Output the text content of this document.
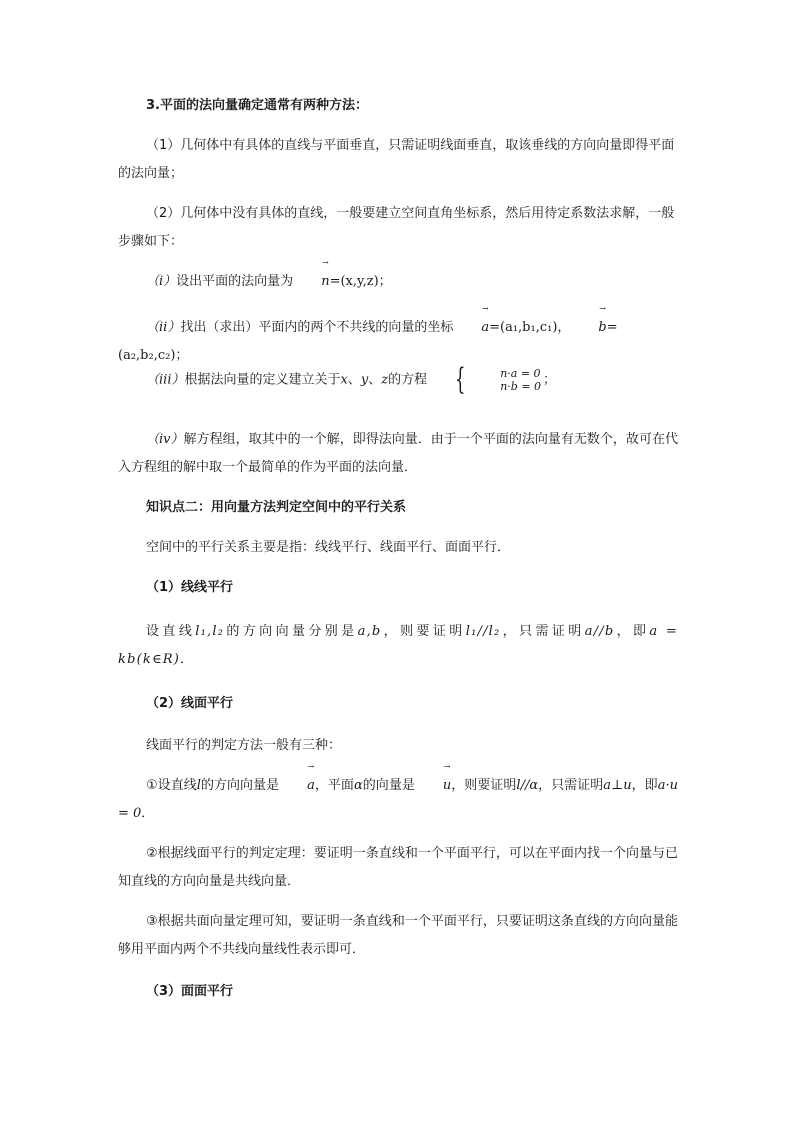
3.平面的法向量确定通常有两种方法：

（1）几何体中有具体的直线与平面垂直，只需证明线面垂直，取该垂线的方向向量即得平面的法向量；

（2）几何体中没有具体的直线，一般要建立空间直角坐标系，然后用待定系数法求解，一般步骤如下：

（i）设出平面的法向量为 → n=(x,y,z)；

（ii）找出（求出）平面内的两个不共线的向量的坐标 → a=(a₁,b₁,c₁)， → b=(a₂,b₂,c₂)；

（iii）根据法向量的定义建立关于x、y、z的方程 {	n·a = 0
n·b = 0 ；

（iv）解方程组，取其中的一个解，即得法向量．由于一个平面的法向量有无数个，故可在代入方程组的解中取一个最简单的作为平面的法向量．

知识点二：用向量方法判定空间中的平行关系

空间中的平行关系主要是指：线线平行、线面平行、面面平行．

（1）线线平行

设直线l₁,l₂的方向向量分别是a,b，则要证明l₁//l₂，只需证明a//b，即a = kb(k∈R)．

（2）线面平行

线面平行的判定方法一般有三种：

①设直线l的方向向量是 → a，平面α的向量是 → u，则要证明l//α，只需证明a⊥u，即a·u = 0．

②根据线面平行的判定定理：要证明一条直线和一个平面平行，可以在平面内找一个向量与已知直线的方向向量是共线向量．

③根据共面向量定理可知，要证明一条直线和一个平面平行，只要证明这条直线的方向向量能够用平面内两个不共线向量线性表示即可．

（3）面面平行
